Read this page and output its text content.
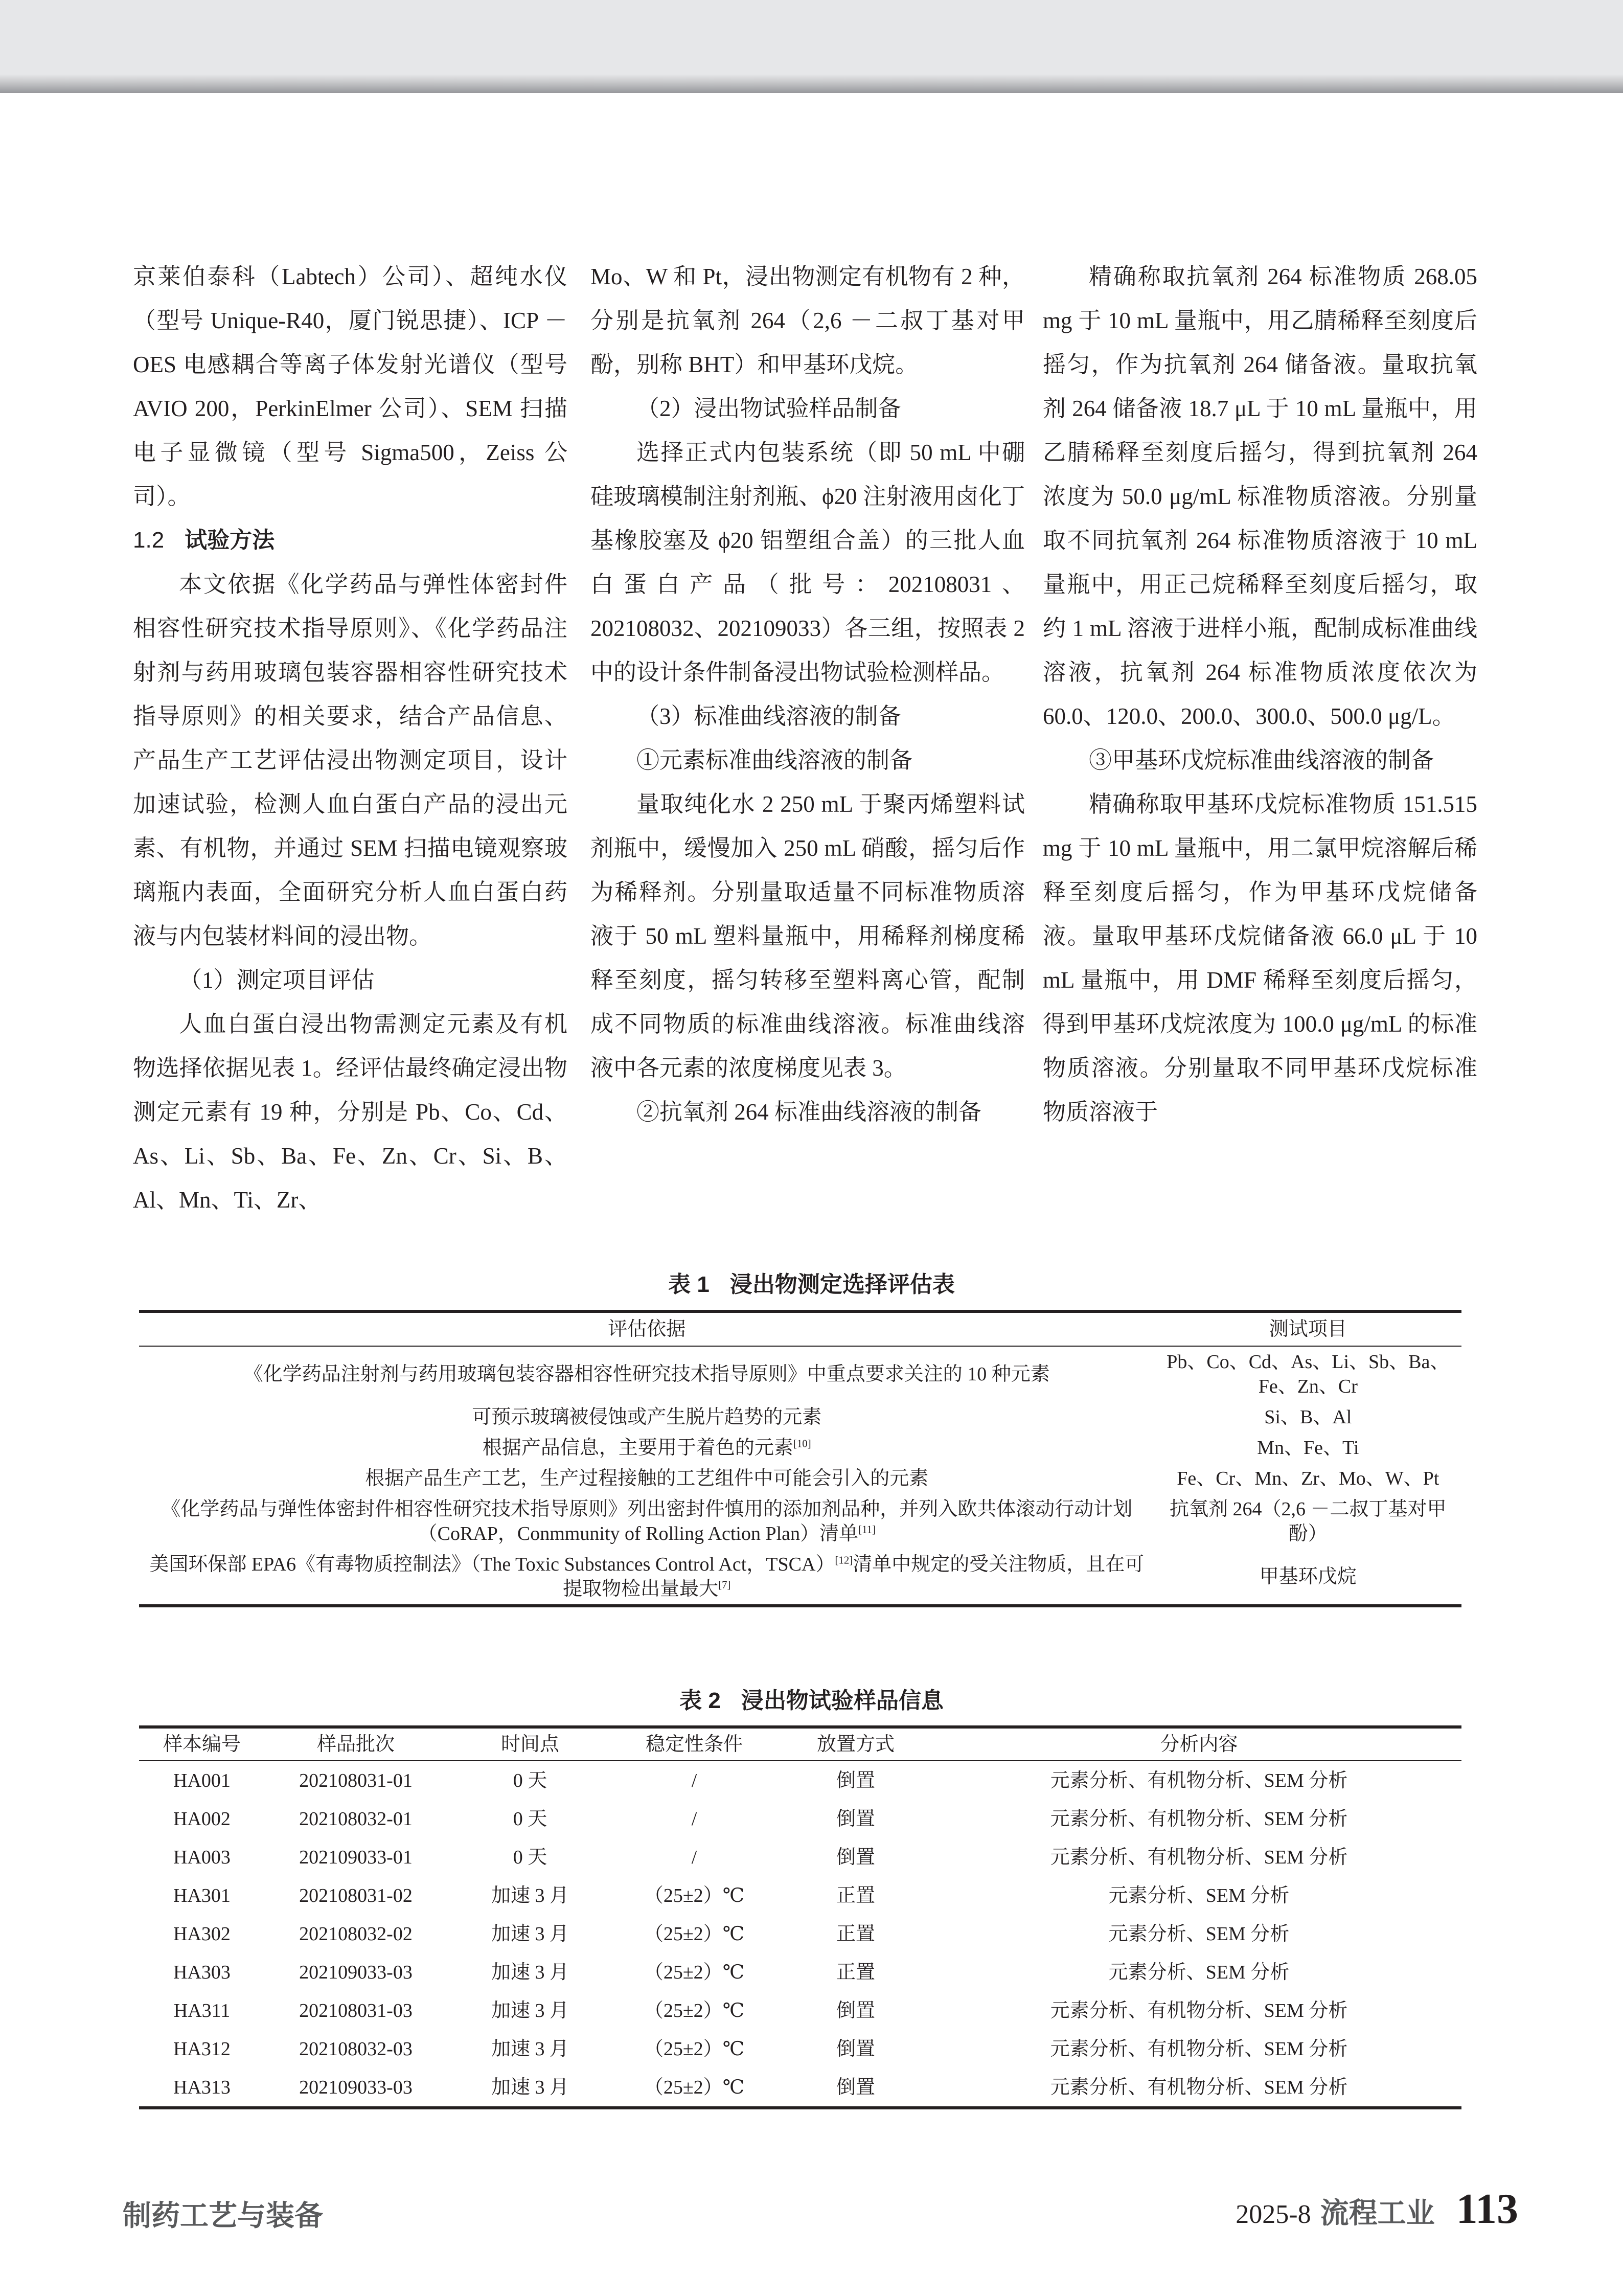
京莱伯泰科（Labtech）公司）、超纯水仪（型号 Unique-R40，厦门锐思捷）、ICP － OES 电感耦合等离子体发射光谱仪（型号 AVIO 200，PerkinElmer 公司）、SEM 扫描电子显微镜（型号 Sigma500，Zeiss 公司）。

1.2 试验方法

本文依据《化学药品与弹性体密封件相容性研究技术指导原则》、《化学药品注射剂与药用玻璃包装容器相容性研究技术指导原则》的相关要求，结合产品信息、产品生产工艺评估浸出物测定项目，设计加速试验，检测人血白蛋白产品的浸出元素、有机物，并通过 SEM 扫描电镜观察玻璃瓶内表面，全面研究分析人血白蛋白药液与内包装材料间的浸出物。

（1）测定项目评估

人血白蛋白浸出物需测定元素及有机物选择依据见表 1。经评估最终确定浸出物测定元素有 19 种，分别是 Pb、Co、Cd、As、Li、Sb、Ba、Fe、Zn、Cr、Si、B、Al、Mn、Ti、Zr、

Mo、W 和 Pt，浸出物测定有机物有 2 种，分别是抗氧剂 264（2,6 －二叔丁基对甲酚，别称 BHT）和甲基环戊烷。

（2）浸出物试验样品制备

选择正式内包装系统（即 50 mL 中硼硅玻璃模制注射剂瓶、ϕ20 注射液用卤化丁基橡胶塞及 ϕ20 铝塑组合盖）的三批人血白蛋白产品（批号：202108031、202108032、202109033）各三组，按照表 2 中的设计条件制备浸出物试验检测样品。

（3）标准曲线溶液的制备

①元素标准曲线溶液的制备

量取纯化水 2 250 mL 于聚丙烯塑料试剂瓶中，缓慢加入 250 mL 硝酸，摇匀后作为稀释剂。分别量取适量不同标准物质溶液于 50 mL 塑料量瓶中，用稀释剂梯度稀释至刻度，摇匀转移至塑料离心管，配制成不同物质的标准曲线溶液。标准曲线溶液中各元素的浓度梯度见表 3。

②抗氧剂 264 标准曲线溶液的制备

精确称取抗氧剂 264 标准物质 268.05 mg 于 10 mL 量瓶中，用乙腈稀释至刻度后摇匀，作为抗氧剂 264 储备液。量取抗氧剂 264 储备液 18.7 μL 于 10 mL 量瓶中，用乙腈稀释至刻度后摇匀，得到抗氧剂 264 浓度为 50.0 μg/mL 标准物质溶液。分别量取不同抗氧剂 264 标准物质溶液于 10 mL 量瓶中，用正己烷稀释至刻度后摇匀，取约 1 mL 溶液于进样小瓶，配制成标准曲线溶液，抗氧剂 264 标准物质浓度依次为 60.0、120.0、200.0、300.0、500.0 μg/L。

③甲基环戊烷标准曲线溶液的制备

精确称取甲基环戊烷标准物质 151.515 mg 于 10 mL 量瓶中，用二氯甲烷溶解后稀释至刻度后摇匀，作为甲基环戊烷储备液。量取甲基环戊烷储备液 66.0 μL 于 10 mL 量瓶中，用 DMF 稀释至刻度后摇匀，得到甲基环戊烷浓度为 100.0 μg/mL 的标准物质溶液。分别量取不同甲基环戊烷标准物质溶液于

表 1 浸出物测定选择评估表
评估依据	测试项目
《化学药品注射剂与药用玻璃包装容器相容性研究技术指导原则》中重点要求关注的 10 种元素	Pb、Co、Cd、As、Li、Sb、Ba、Fe、Zn、Cr
可预示玻璃被侵蚀或产生脱片趋势的元素	Si、B、Al
根据产品信息，主要用于着色的元素[10]	Mn、Fe、Ti
根据产品生产工艺，生产过程接触的工艺组件中可能会引入的元素	Fe、Cr、Mn、Zr、Mo、W、Pt
《化学药品与弹性体密封件相容性研究技术指导原则》列出密封件慎用的添加剂品种，并列入欧共体滚动行动计划（CoRAP，Conmmunity of Rolling Action Plan）清单[11]	抗氧剂 264（2,6 －二叔丁基对甲酚）
美国环保部 EPA6《有毒物质控制法》（The Toxic Substances Control Act，TSCA）[12]清单中规定的受关注物质，且在可提取物检出量最大[7]	甲基环戊烷
表 2 浸出物试验样品信息
样本编号	样品批次	时间点	稳定性条件	放置方式	分析内容
HA001	202108031-01	0 天	/	倒置	元素分析、有机物分析、SEM 分析
HA002	202108032-01	0 天	/	倒置	元素分析、有机物分析、SEM 分析
HA003	202109033-01	0 天	/	倒置	元素分析、有机物分析、SEM 分析
HA301	202108031-02	加速 3 月	（25±2）℃	正置	元素分析、SEM 分析
HA302	202108032-02	加速 3 月	（25±2）℃	正置	元素分析、SEM 分析
HA303	202109033-03	加速 3 月	（25±2）℃	正置	元素分析、SEM 分析
HA311	202108031-03	加速 3 月	（25±2）℃	倒置	元素分析、有机物分析、SEM 分析
HA312	202108032-03	加速 3 月	（25±2）℃	倒置	元素分析、有机物分析、SEM 分析
HA313	202109033-03	加速 3 月	（25±2）℃	倒置	元素分析、有机物分析、SEM 分析
制药工艺与装备	2025-8 流程工业 113
